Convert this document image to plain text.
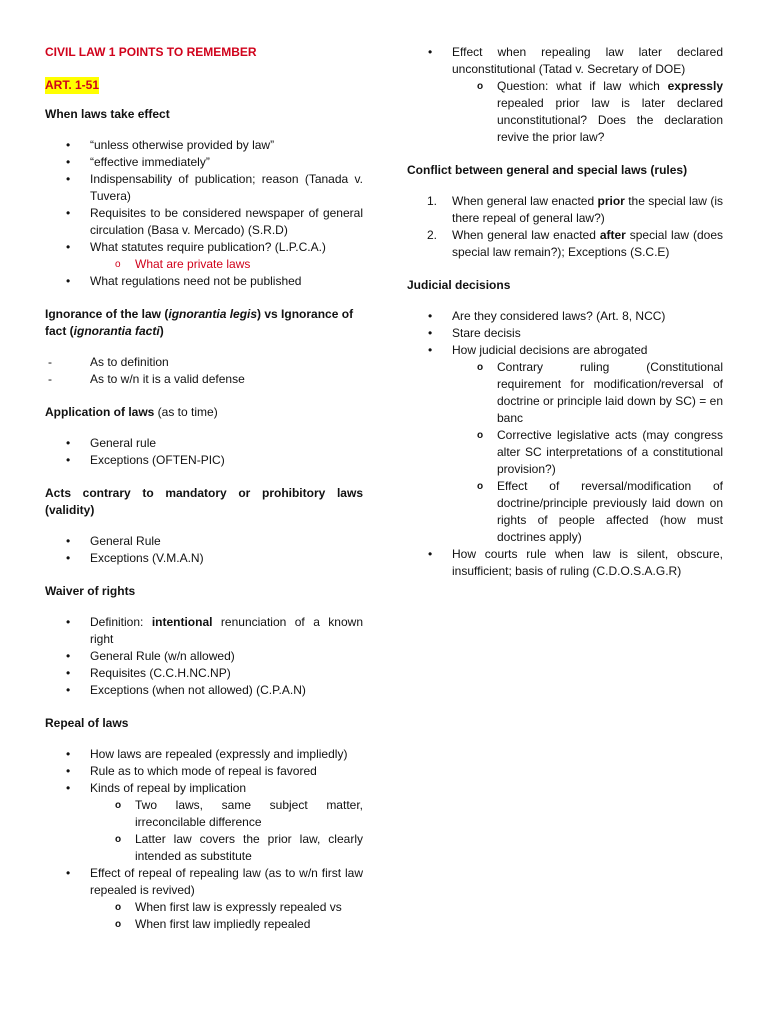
CIVIL LAW 1 POINTS TO REMEMBER
ART. 1-51
When laws take effect
• “unless otherwise provided by law”
• “effective immediately”
• Indispensability of publication; reason (Tanada v. Tuvera)
• Requisites to be considered newspaper of general circulation (Basa v. Mercado) (S.R.D)
• What statutes require publication? (L.P.C.A.)
o What are private laws
• What regulations need not be published
Ignorance of the law (ignorantia legis) vs Ignorance of fact (ignorantia facti)
-	As to definition
-	As to w/n it is a valid defense
Application of laws (as to time)
• General rule
• Exceptions (OFTEN-PIC)
Acts contrary to mandatory or prohibitory laws (validity)
• General Rule
• Exceptions (V.M.A.N)
Waiver of rights
• Definition: intentional renunciation of a known right
• General Rule (w/n allowed)
• Requisites (C.C.H.NC.NP)
• Exceptions (when not allowed) (C.P.A.N)
Repeal of laws
• How laws are repealed (expressly and impliedly)
• Rule as to which mode of repeal is favored
• Kinds of repeal by implication
o Two laws, same subject matter, irreconcilable difference
o Latter law covers the prior law, clearly intended as substitute
• Effect of repeal of repealing law (as to w/n first law repealed is revived)
o When first law is expressly repealed vs
o When first law impliedly repealed
• Effect when repealing law later declared unconstitutional (Tatad v. Secretary of DOE)
o Question: what if law which expressly repealed prior law is later declared unconstitutional? Does the declaration revive the prior law?
Conflict between general and special laws (rules)
1. When general law enacted prior the special law (is there repeal of general law?)
2. When general law enacted after special law (does special law remain?); Exceptions (S.C.E)
Judicial decisions
• Are they considered laws? (Art. 8, NCC)
• Stare decisis
• How judicial decisions are abrogated
o Contrary ruling (Constitutional requirement for modification/reversal of doctrine or principle laid down by SC) = en banc
o Corrective legislative acts (may congress alter SC interpretations of a constitutional provision?)
o Effect of reversal/modification of doctrine/principle previously laid down on rights of people affected (how must doctrines apply)
• How courts rule when law is silent, obscure, insufficient; basis of ruling (C.D.O.S.A.G.R)
